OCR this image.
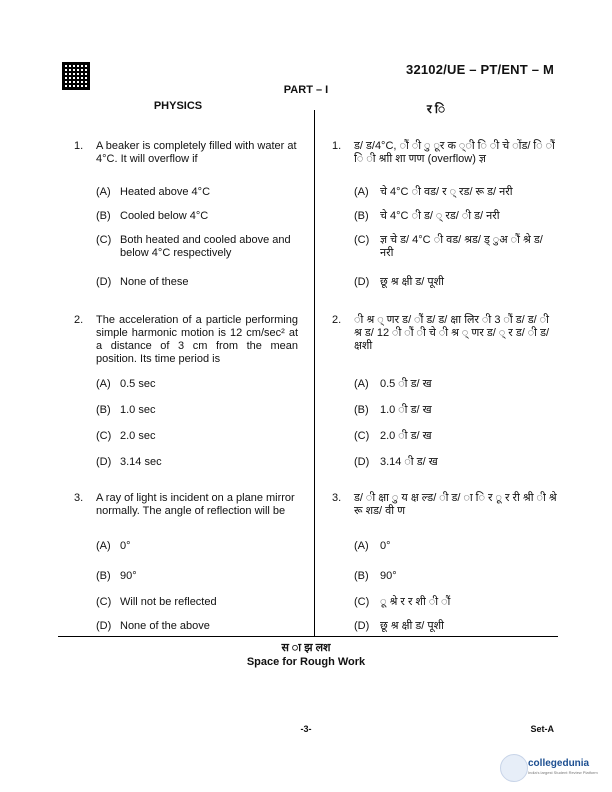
32102/UE – PT/ENT – M
PART – I
PHYSICS	र ि
1. A beaker is completely filled with water at 4°C. It will overflow if
(A) Heated above 4°C
(B) Cooled below 4°C
(C) Both heated and cooled above and below 4°C respectively
(D) None of these
2. The acceleration of a particle performing simple harmonic motion is 12 cm/sec² at a distance of 3 cm from the mean position. Its time period is
(A) 0.5 sec
(B) 1.0 sec
(C) 2.0 sec
(D) 3.14 sec
3. A ray of light is incident on a plane mirror normally. The angle of reflection will be
(A) 0°
(B) 90°
(C) Will not be reflected
(D) None of the above
1. ड/ ड/4°C, ौं ी ु ूर क ्ी ि ी चे ोंड/ ि ौं ि ी श्राी शा णण (overflow) ज्ञ
(A) चे 4°C ी वड/ र ् रड/ रू ड/ नरी
(B) चे 4°C ी ड/ ् रड/ ी ड/ नरी
(C) ज्ञ चे ड/ 4°C ी वड/ श्रड/ ड् ुअ ौं श्रे ड/ नरी
(D) छू श्र क्षी ड/ पूशी
2. ी श्र ् णर ड/ ौं ड/ ड/ क्षा लिर ी 3 ौं ड/ ड/ ी श्र ड/ 12 ी ौं ी चे ी श्र ् णर ड/ ् र ड/ ी ड/ क्षशी
(A) 0.5 ी ड/ ख
(B) 1.0 ी ड/ ख
(C) 2.0 ी ड/ ख
(D) 3.14 ी ड/ ख
3. ड/ ी क्षा ु य क्ष ल्ड/ ी ड/ ा ि र ू र री श्री ी श्रे रू शड/ वी ण
(A) 0°
(B) 90°
(C) ू श्रे र र शी ी ौं
(D) छू श्र क्षी ड/ पूशी
स ा झ लश
Space for Rough Work
-3-	Set-A
collegedunia
India's largest Student Review Platform
